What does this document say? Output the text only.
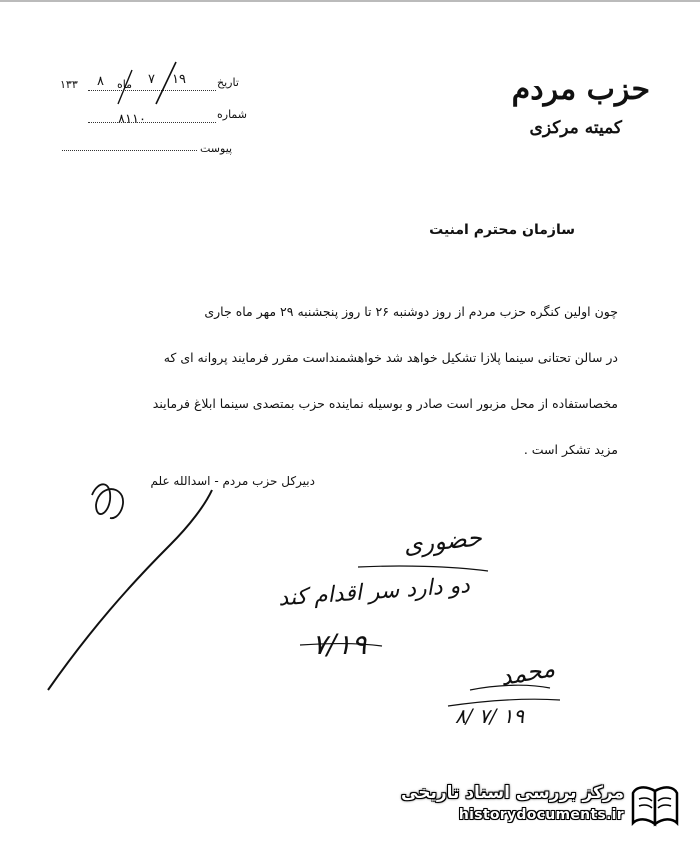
حزب مردم
کمیته مرکزی
تاریخ
۱۹
۷
ماه
۸
۱۳۳
شماره
۸۱۱۰
پیوست
سازمان محترم امنیت
چون اولین کنگره حزب مردم از روز دوشنبه ۲۶ تا روز پنجشنبه ۲۹ مهر ماه جاری
در سالن تحتانی سینما پلازا تشکیل خواهد شد خواهشمنداست مقرر فرمایند پروانه ای که
مخصاستفاده از محل مزبور است صادر و بوسیله نماینده حزب بمتصدی سینما ابلاغ فرمایند
مزید تشکر است .
دبیرکل حزب مردم - اسدالله علم
حضوری
دو دارد سر اقدام کند
۷/۱۹
محمد
۸/ ۷/ ۱۹
مرکز بررسی اسناد تاریخی
historydocuments.ir
